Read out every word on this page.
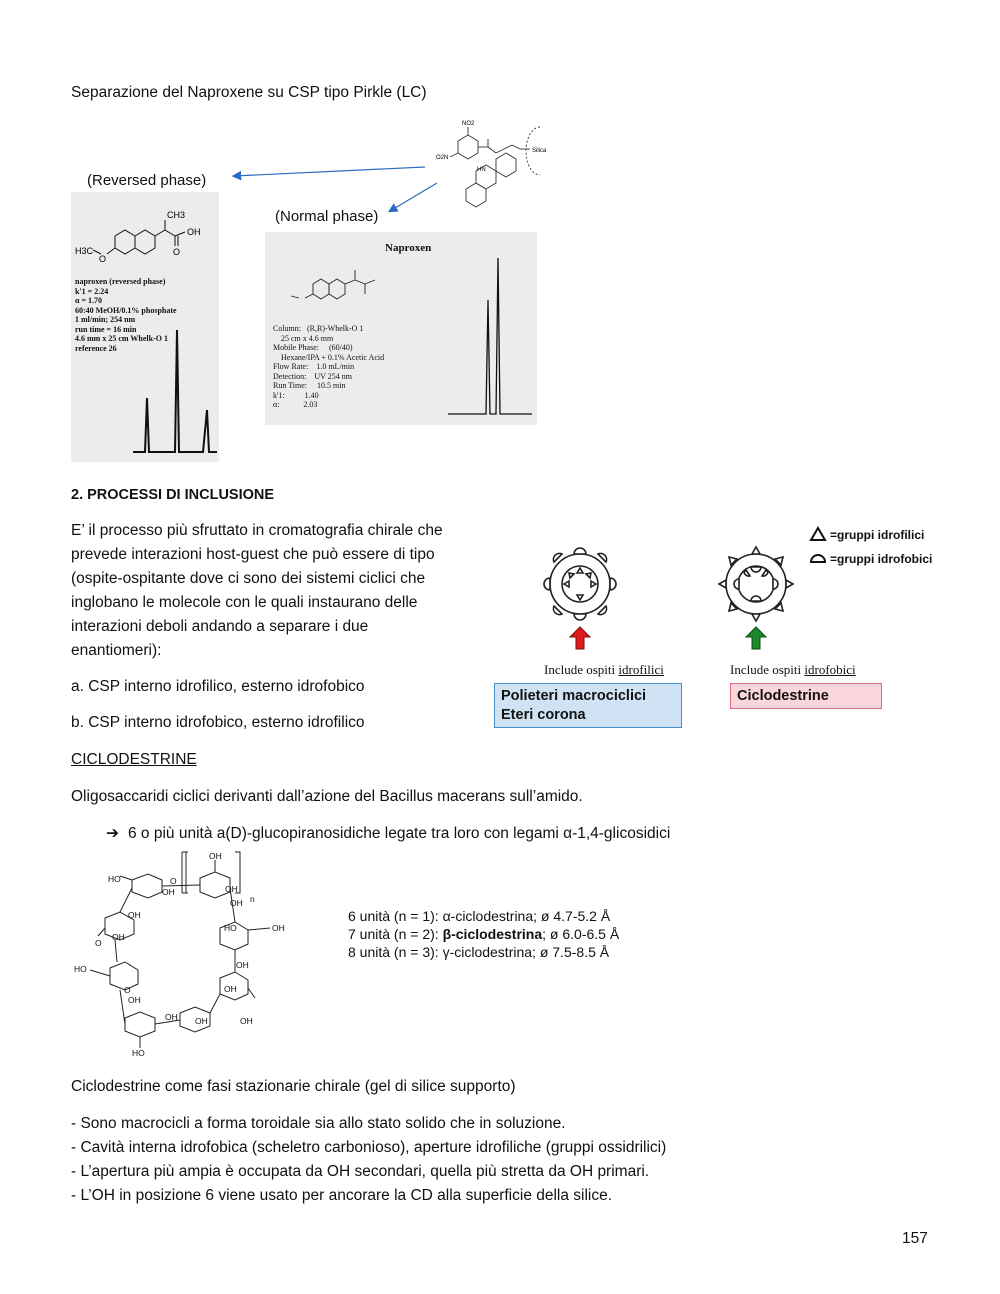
Separazione del Naproxene su CSP tipo Pirkle (LC)
NO2
O2N
HN
Silica
(Reversed phase)
CH3
OH
O
H3C
O
naproxen (reversed phase)
k'1 = 2.24
α = 1.70
60:40 MeOH/0.1% phosphate
1 ml/min; 254 nm
run time = 16 min
4.6 mm x 25 cm Whelk-O 1
reference 26
(Normal phase)
Naproxen
Column:   (R,R)-Whelk-O 1
25 cm x 4.6 mm
Mobile Phase:     (60/40)
Hexane/IPA + 0.1% Acetic Acid
Flow Rate:    1.0 mL/min
Detection:    UV 254 nm
Run Time:     10.5 min
k'1:          1.40
α:            2.03
2. PROCESSI DI INCLUSIONE
E’ il processo più sfruttato in cromatografia chirale che
prevede interazioni host-guest che può essere di tipo
(ospite-ospitante dove ci sono dei sistemi ciclici che
inglobano le molecole con le quali instaurano delle
interazioni deboli andando a separare i due
enantiomeri):
a. CSP interno idrofilico, esterno idrofobico
b. CSP interno idrofobico, esterno idrofilico
=gruppi idrofilici
=gruppi idrofobici
Include ospiti idrofilici	Include ospiti idrofobici
Polieteri macrociclici
Eteri corona
Ciclodestrine
CICLODESTRINE
Oligosaccaridi ciclici derivanti dall’azione del Bacillus macerans sull’amido.
➔ 6 o più unità a(D)-glucopiranosidiche legate tra loro con legami α-1,4-glicosidici
OH
HO	O
OH	OH
OH n
OH
HO
OH
OH
OH
OH
OH
OH
HO
O
HO
OH
O
OH	6 unità (n = 1): α-ciclodestrina; ø 4.7-5.2 Å
7 unità (n = 2): β-ciclodestrina; ø 6.0-6.5 Å
8 unità (n = 3): γ-ciclodestrina; ø 7.5-8.5 Å
Ciclodestrine come fasi stazionarie chirale (gel di silice supporto)
- Sono macrocicli a forma toroidale sia allo stato solido che in soluzione.
- Cavità interna idrofobica (scheletro carbonioso), aperture idrofiliche (gruppi ossidrilici)
- L’apertura più ampia è occupata da OH secondari, quella più stretta da OH primari.
- L’OH in posizione 6 viene usato per ancorare la CD alla superficie della silice.
157
